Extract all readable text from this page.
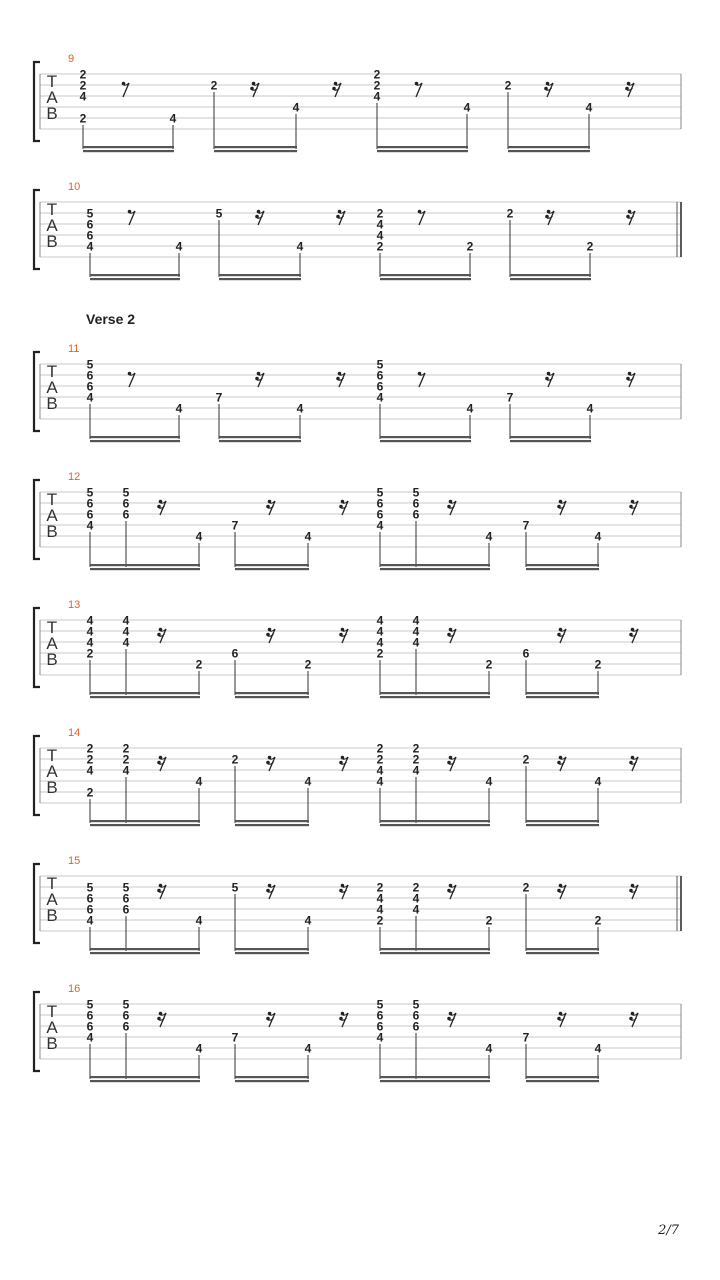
Verse 2
T
A
B
9
2
2
4
2	4
2
4
2
2
4
4
2
4
T
A
B
10
5
6
6
4	4
5
4
2
4
4
2	2
2
2
T
A
B
11
5
6
6
4
4
7
4
5
6
6
4
4
7
4
T
A
B
12
5
6
6
4
5
6
6
4
7
4
5
6
6
4
5
6
6
4
7
4
T
A
B
13
4
4
4
2
4
4
4
2
6
2
4
4
4
2
4
4
4
2
6
2
T
A
B
14
2
2
4
2
2
2
4
4
2
4
2
2
4
4
2
2
4
4
2
4
T
A
B
15
5
6
6
4
5
6
6
4
5
4
2
4
4
2
2
4
4
2
2
2
T
A
B
16
5
6
6
4
5
6
6
4
7
4
5
6
6
4
5
6
6
4
7
4
2/7
